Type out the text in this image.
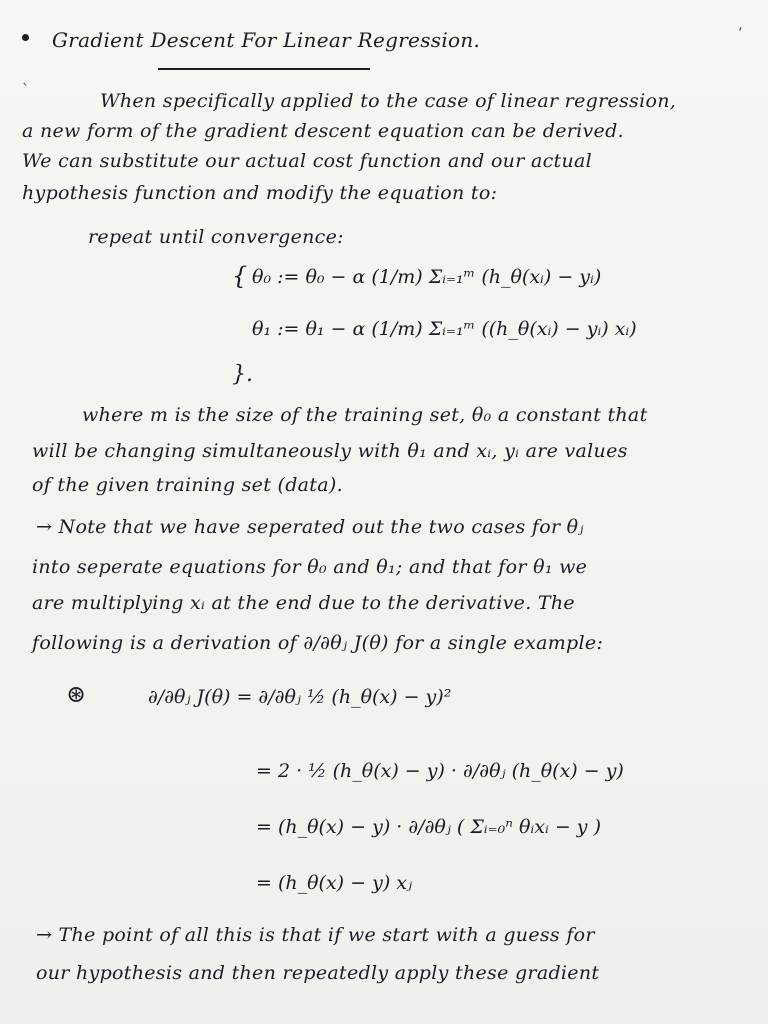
Gradient Descent For Linear Regression.	’
ˎ
When specifically applied to the case of linear regression,
a new form of the gradient descent equation can be derived.
We can substitute our actual cost function and our actual
hypothesis function and modify the equation to:
repeat until convergence:
{ θ₀ := θ₀ − α (1/m) Σᵢ₌₁ᵐ (h_θ(xᵢ) − yᵢ)
θ₁ := θ₁ − α (1/m) Σᵢ₌₁ᵐ ((h_θ(xᵢ) − yᵢ) xᵢ)
}.
where m is the size of the training set, θ₀ a constant that
will be changing simultaneously with θ₁ and xᵢ, yᵢ are values
of the given training set (data).
→ Note that we have seperated out the two cases for θⱼ
into seperate equations for θ₀ and θ₁; and that for θ₁ we
are multiplying xᵢ at the end due to the derivative. The
following is a derivation of ∂/∂θⱼ J(θ) for a single example:
⊛	∂/∂θⱼ J(θ) = ∂/∂θⱼ ½ (h_θ(x) − y)²
= 2 · ½ (h_θ(x) − y) · ∂/∂θⱼ (h_θ(x) − y)
= (h_θ(x) − y) · ∂/∂θⱼ ( Σᵢ₌₀ⁿ θᵢxᵢ − y )
= (h_θ(x) − y) xⱼ
→ The point of all this is that if we start with a guess for
our hypothesis and then repeatedly apply these gradient
